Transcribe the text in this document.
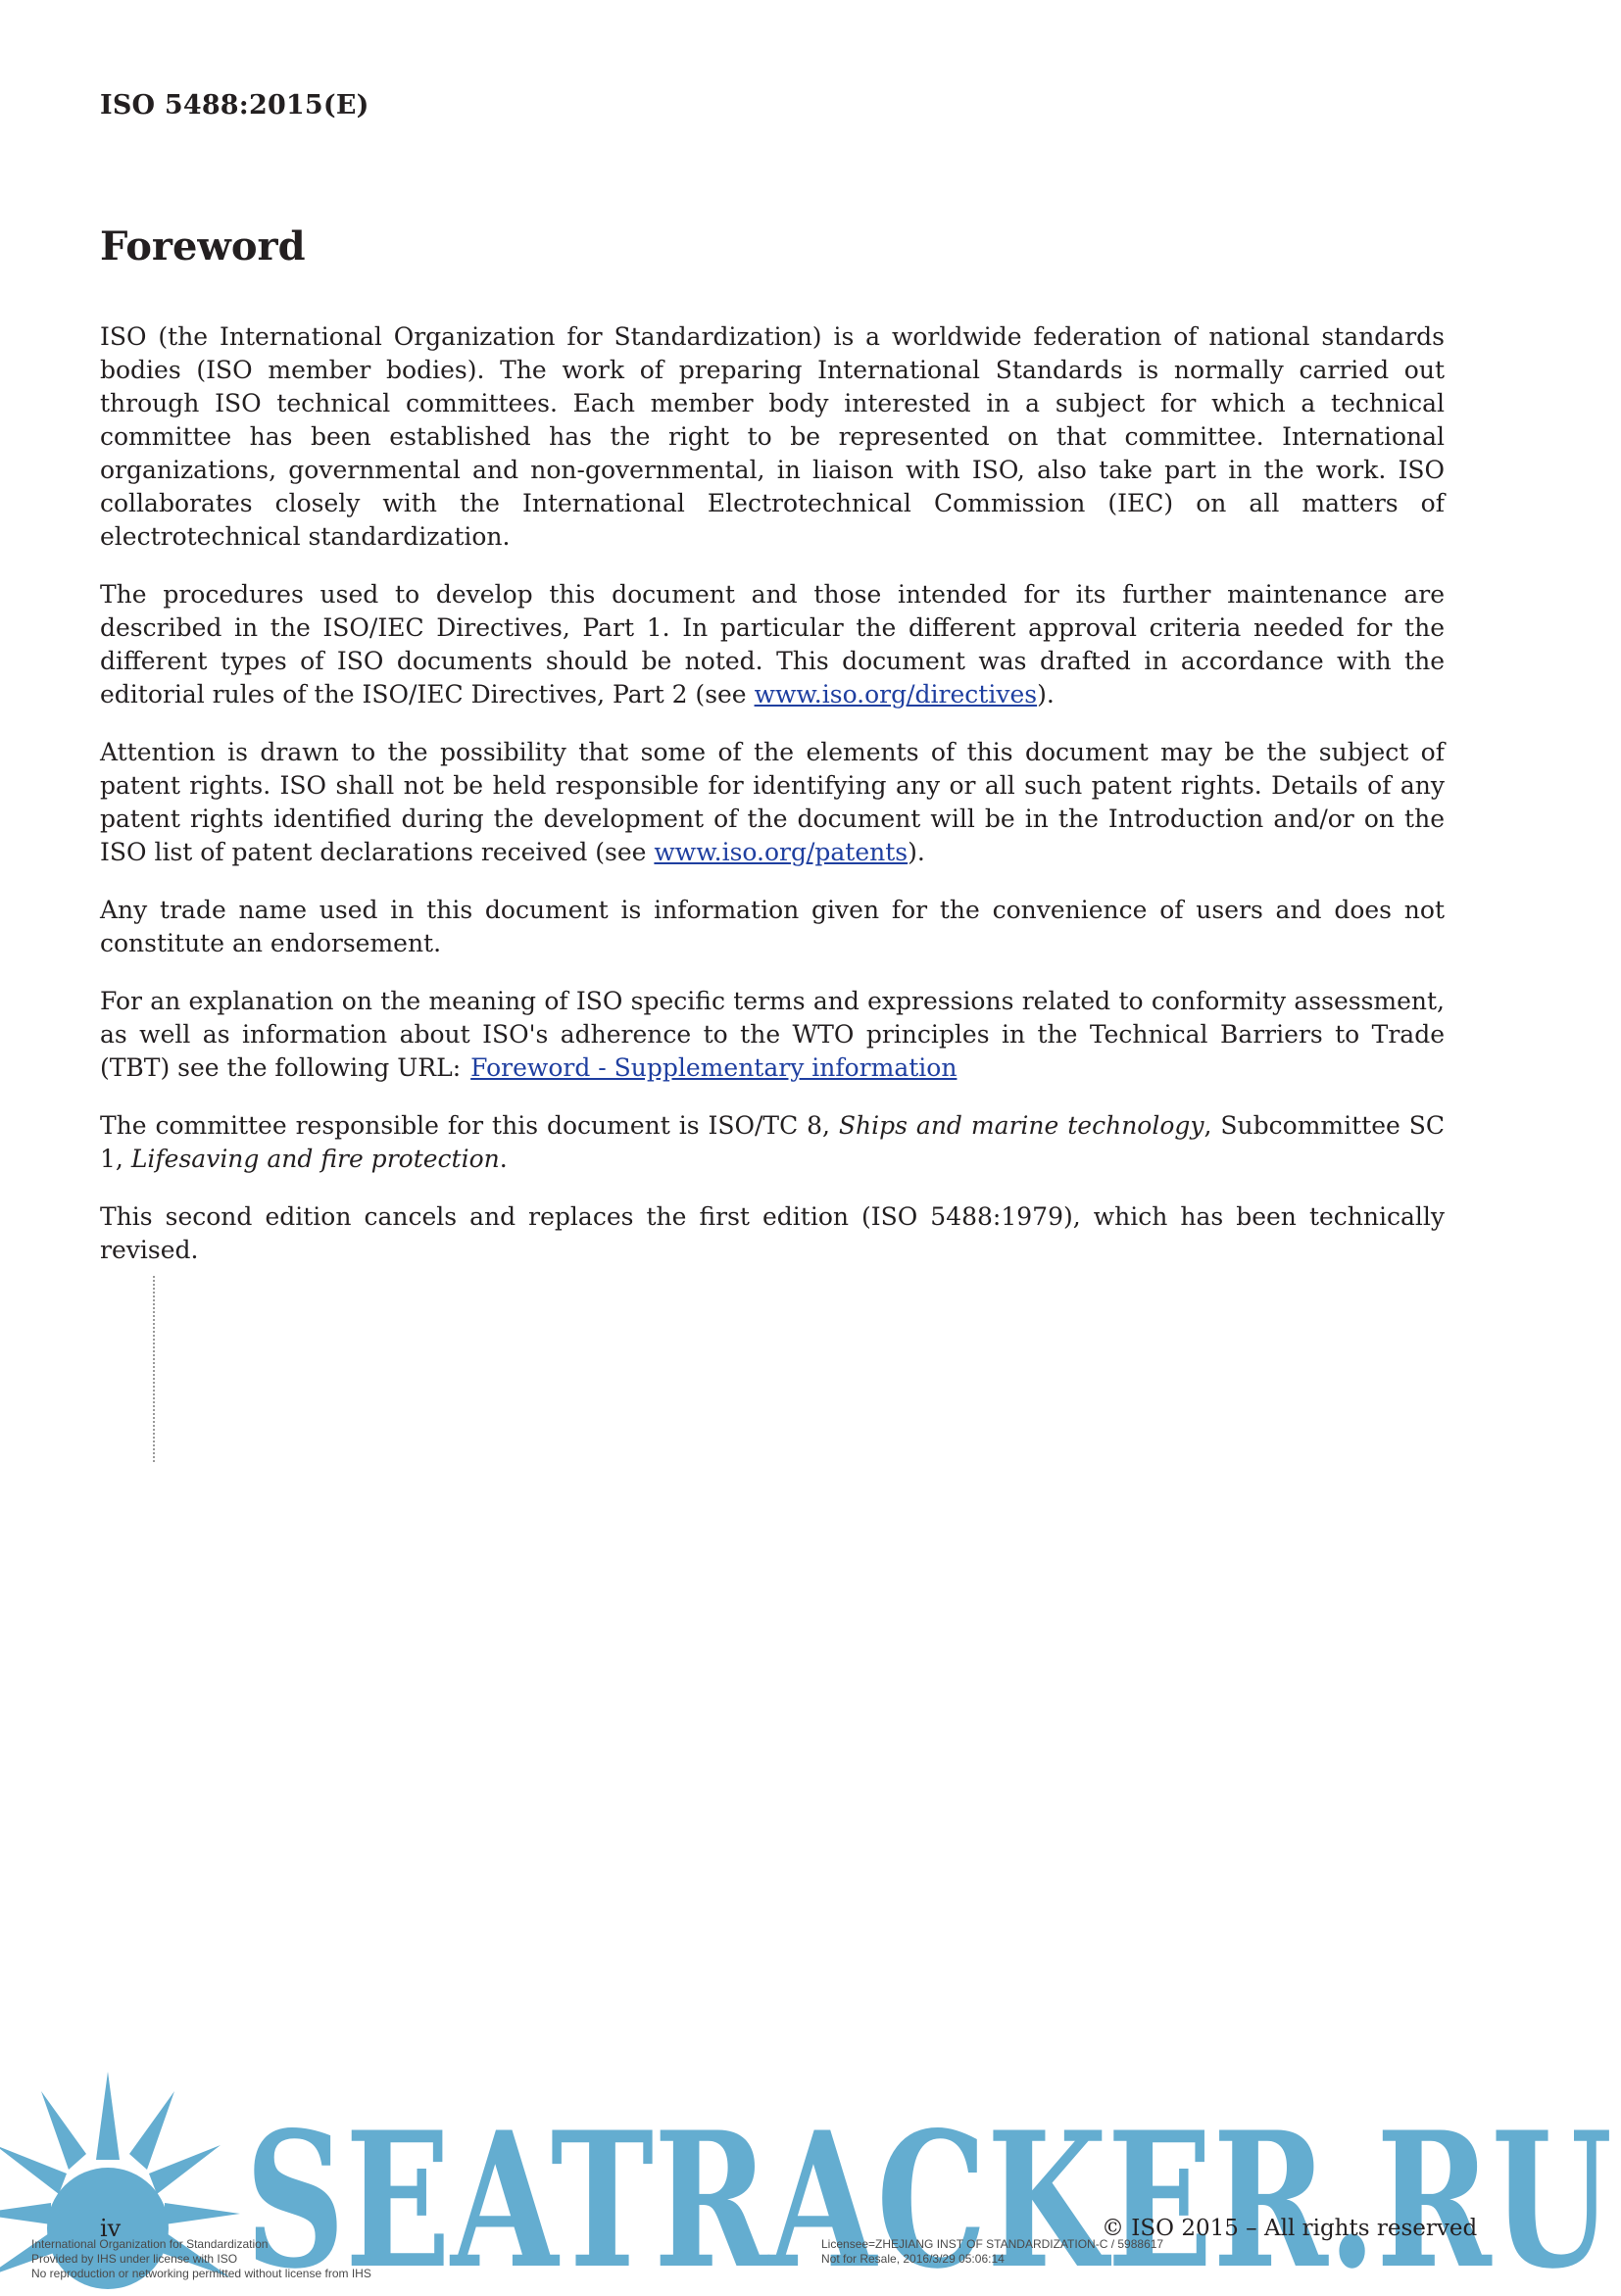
ISO 5488:2015(E)
Foreword

ISO (the International Organization for Standardization) is a worldwide federation of national standards bodies (ISO member bodies). The work of preparing International Standards is normally carried out through ISO technical committees. Each member body interested in a subject for which a technical committee has been established has the right to be represented on that committee. International organizations, governmental and non-governmental, in liaison with ISO, also take part in the work. ISO collaborates closely with the International Electrotechnical Commission (IEC) on all matters of electrotechnical standardization.

The procedures used to develop this document and those intended for its further maintenance are described in the ISO/IEC Directives, Part 1. In particular the different approval criteria needed for the different types of ISO documents should be noted. This document was drafted in accordance with the editorial rules of the ISO/IEC Directives, Part 2 (see www.iso.org/directives).

Attention is drawn to the possibility that some of the elements of this document may be the subject of patent rights. ISO shall not be held responsible for identifying any or all such patent rights. Details of any patent rights identified during the development of the document will be in the Introduction and/or on the ISO list of patent declarations received (see www.iso.org/patents).

Any trade name used in this document is information given for the convenience of users and does not constitute an endorsement.

For an explanation on the meaning of ISO specific terms and expressions related to conformity assessment, as well as information about ISO's adherence to the WTO principles in the Technical Barriers to Trade (TBT) see the following URL: Foreword - Supplementary information

The committee responsible for this document is ISO/TC 8, Ships and marine technology, Subcommittee SC 1, Lifesaving and fire protection.

This second edition cancels and replaces the first edition (ISO 5488:1979), which has been technically revised.

SEATRACKER.RU

iv	© ISO 2015 – All rights reserved

International Organization for Standardization
Provided by IHS under license with ISO
No reproduction or networking permitted without license from IHS
Licensee=ZHEJIANG INST OF STANDARDIZATION-C / 5988617
Not for Resale, 2016/3/29 05:06:14
